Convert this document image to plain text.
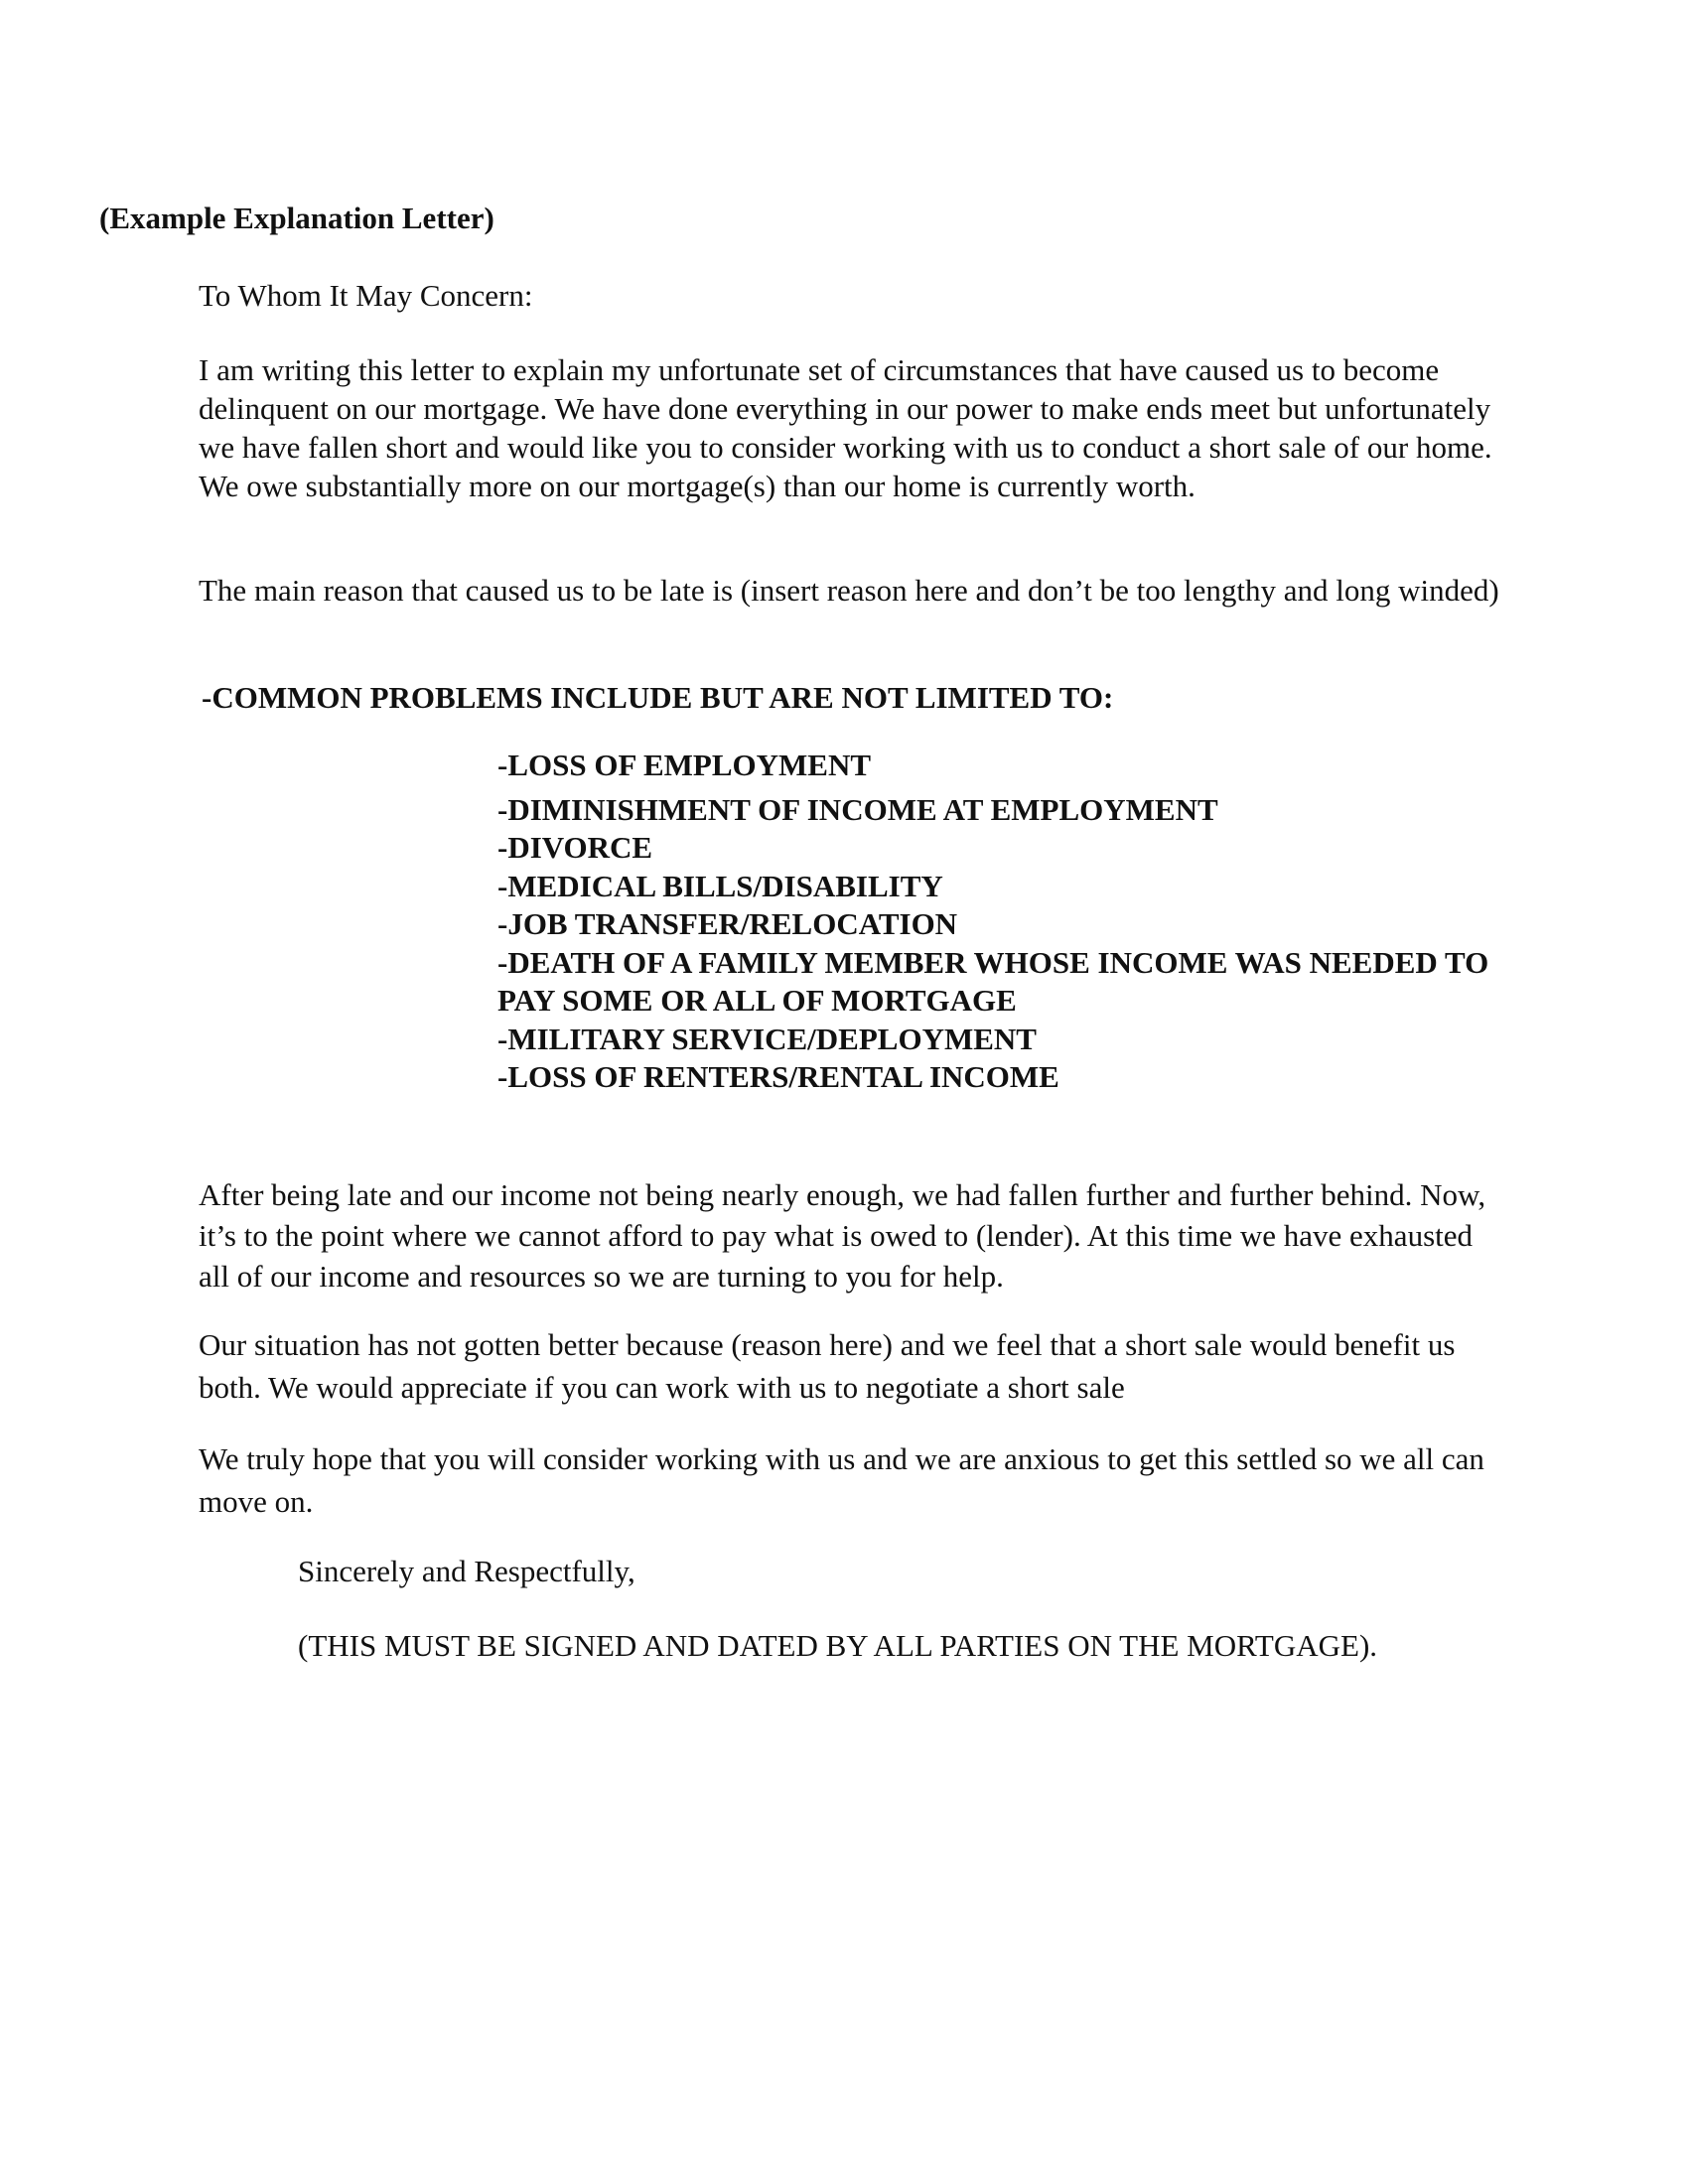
(Example Explanation Letter)

To Whom It May Concern:

I am writing this letter to explain my unfortunate set of circumstances that have caused us to become delinquent on our mortgage. We have done everything in our power to make ends meet but unfortunately we have fallen short and would like you to consider working with us to conduct a short sale of our home. We owe substantially more on our mortgage(s) than our home is currently worth.

The main reason that caused us to be late is (insert reason here and don’t be too lengthy and long winded)

-COMMON PROBLEMS INCLUDE BUT ARE NOT LIMITED TO:

-LOSS OF EMPLOYMENT
-DIMINISHMENT OF INCOME AT EMPLOYMENT
-DIVORCE
-MEDICAL BILLS/DISABILITY
-JOB TRANSFER/RELOCATION
-DEATH OF A FAMILY MEMBER WHOSE INCOME WAS NEEDED TO PAY SOME OR ALL OF MORTGAGE
-MILITARY SERVICE/DEPLOYMENT
-LOSS OF RENTERS/RENTAL INCOME

After being late and our income not being nearly enough, we had fallen further and further behind. Now, it’s to the point where we cannot afford to pay what is owed to (lender). At this time we have exhausted all of our income and resources so we are turning to you for help.

Our situation has not gotten better because (reason here) and we feel that a short sale would benefit us both. We would appreciate if you can work with us to negotiate a short sale

We truly hope that you will consider working with us and we are anxious to get this settled so we all can move on.

Sincerely and Respectfully,

(THIS MUST BE SIGNED AND DATED BY ALL PARTIES ON THE MORTGAGE).
